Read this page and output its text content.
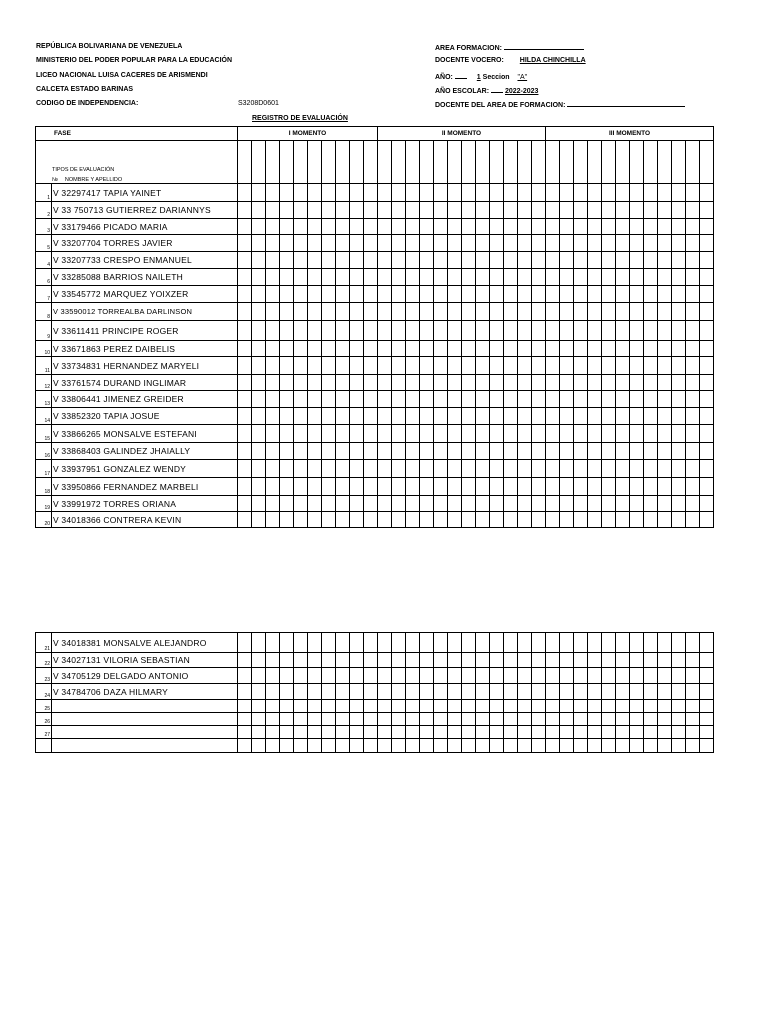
REPÚBLICA BOLIVARIANA DE VENEZUELA
MINISTERIO DEL PODER POPULAR PARA LA EDUCACIÓN
LICEO NACIONAL LUISA CACERES DE ARISMENDI
CALCETA ESTADO BARINAS
CODIGO DE INDEPENDENCIA:	S3208D0601
AREA FORMACION:
DOCENTE VOCERO: HILDA CHINCHILLA
AÑO:	1 Seccion "A"
AÑO ESCOLAR: 2022-2023
DOCENTE DEL AREA DE FORMACION:
REGISTRO DE EVALUACIÓN
FASE		I MOMENTO										II MOMENTO												III MOMENTO											

TIPOS DE EVALUACIÓN																																			
№ NOMBRE Y APELLIDO																																			
1	V 32297417 TAPIA YAINET																																		
2	V 33 750713 GUTIERREZ DARIANNYS																																		
3	V 33179466 PICADO MARIA																																		
5	V 33207704 TORRES JAVIER																																		
4	V 33207733 CRESPO ENMANUEL																																		
6	V 33285088 BARRIOS NAILETH																																		
7	V 33545772 MARQUEZ YOIXZER																																		
8	V 33590012 TORREALBA DARLINSON																																		
9	V 33611411 PRINCIPE ROGER																																		
10	V 33671863 PEREZ DAIBELIS																																		
11	V 33734831 HERNANDEZ MARYELI																																		
12	V 33761574 DURAND INGLIMAR																																		
13	V 33806441 JIMENEZ GREIDER																																		
14	V 33852320 TAPIA JOSUE																																		
15	V 33866265 MONSALVE ESTEFANI																																		
16	V 33868403 GALINDEZ JHAIALLY																																		
17	V 33937951 GONZALEZ WENDY																																		
18	V 33950866 FERNANDEZ MARBELI																																		
19	V 33991972 TORRES ORIANA																																		
20	V 34018366 CONTRERA KEVIN																																		
21	V 34018381 MONSALVE ALEJANDRO																																		
22	V 34027131 VILORIA SEBASTIAN																																		
23	V 34705129 DELGADO ANTONIO																																		
24	V 34784706 DAZA HILMARY																																		
25																																			
26																																			
27																																			
